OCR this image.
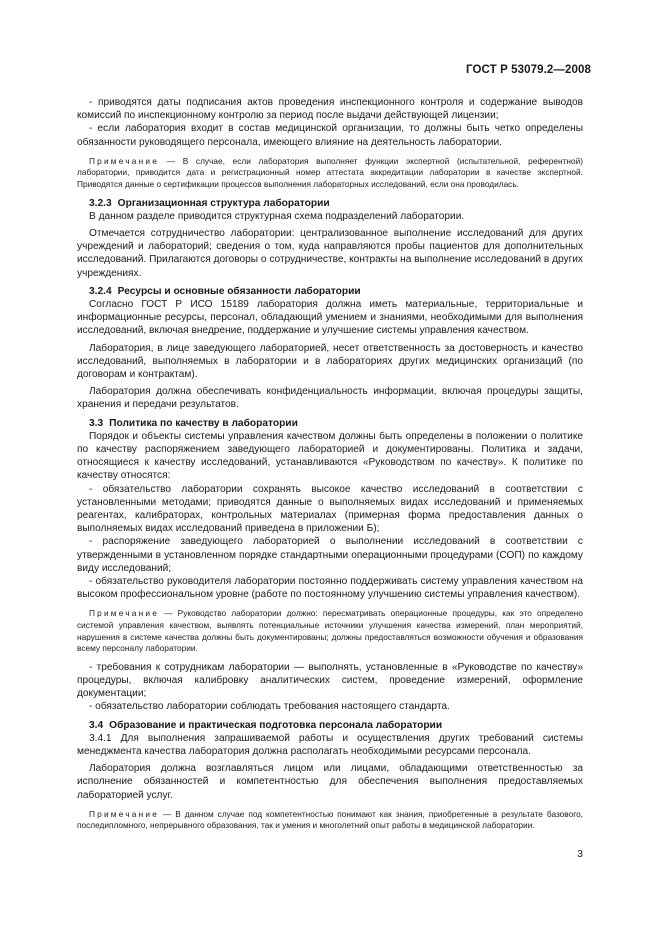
ГОСТ Р 53079.2—2008

- приводятся даты подписания актов проведения инспекционного контроля и содержание выводов комиссий по инспекционному контролю за период после выдачи действующей лицензии;

- если лаборатория входит в состав медицинской организации, то должны быть четко определены обязанности руководящего персонала, имеющего влияние на деятельность лаборатории.

Примечание — В случае, если лаборатория выполняет функции экспертной (испытательной, референтной) лаборатории, приводится дата и регистрационный номер аттестата аккредитации лаборатории в качестве экспертной. Приводятся данные о сертификации процессов выполнения лабораторных исследований, если она проводилась.

3.2.3 Организационная структура лаборатории

В данном разделе приводится структурная схема подразделений лаборатории.

Отмечается сотрудничество лаборатории: централизованное выполнение исследований для других учреждений и лабораторий; сведения о том, куда направляются пробы пациентов для дополнительных исследований. Прилагаются договоры о сотрудничестве, контракты на выполнение исследований в других учреждениях.

3.2.4 Ресурсы и основные обязанности лаборатории

Согласно ГОСТ Р ИСО 15189 лаборатория должна иметь материальные, территориальные и информационные ресурсы, персонал, обладающий умением и знаниями, необходимыми для выполнения исследований, включая внедрение, поддержание и улучшение системы управления качеством.

Лаборатория, в лице заведующего лабораторией, несет ответственность за достоверность и качество исследований, выполняемых в лаборатории и в лабораториях других медицинских организаций (по договорам и контрактам).

Лаборатория должна обеспечивать конфиденциальность информации, включая процедуры защиты, хранения и передачи результатов.

3.3 Политика по качеству в лаборатории

Порядок и объекты системы управления качеством должны быть определены в положении о политике по качеству распоряжением заведующего лабораторией и документированы. Политика и задачи, относящиеся к качеству исследований, устанавливаются «Руководством по качеству». К политике по качеству относятся:

- обязательство лаборатории сохранять высокое качество исследований в соответствии с установленными методами; приводятся данные о выполняемых видах исследований и применяемых реагентах, калибраторах, контрольных материалах (примерная форма предоставления данных о выполняемых видах исследований приведена в приложении Б);

- распоряжение заведующего лабораторией о выполнении исследований в соответствии с утвержденными в установленном порядке стандартными операционными процедурами (СОП) по каждому виду исследований;

- обязательство руководителя лаборатории постоянно поддерживать систему управления качеством на высоком профессиональном уровне (работе по постоянному улучшению системы управления качеством).

Примечание — Руководство лаборатории должно: пересматривать операционные процедуры, как это определено системой управления качеством, выявлять потенциальные источники улучшения качества измерений, план мероприятий, нарушения в системе качества должны быть документированы; должны предоставляться возможности обучения и образования всему персоналу лаборатории.

- требования к сотрудникам лаборатории — выполнять, установленные в «Руководстве по качеству» процедуры, включая калибровку аналитических систем, проведение измерений, оформление документации;

- обязательство лаборатории соблюдать требования настоящего стандарта.

3.4 Образование и практическая подготовка персонала лаборатории

3.4.1 Для выполнения запрашиваемой работы и осуществления других требований системы менеджмента качества лаборатория должна располагать необходимыми ресурсами персонала.

Лаборатория должна возглавляться лицом или лицами, обладающими ответственностью за исполнение обязанностей и компетентностью для обеспечения выполнения предоставляемых лабораторией услуг.

Примечание — В данном случае под компетентностью понимают как знания, приобретенные в результате базового, последипломного, непрерывного образования, так и умения и многолетний опыт работы в медицинской лаборатории.

3
